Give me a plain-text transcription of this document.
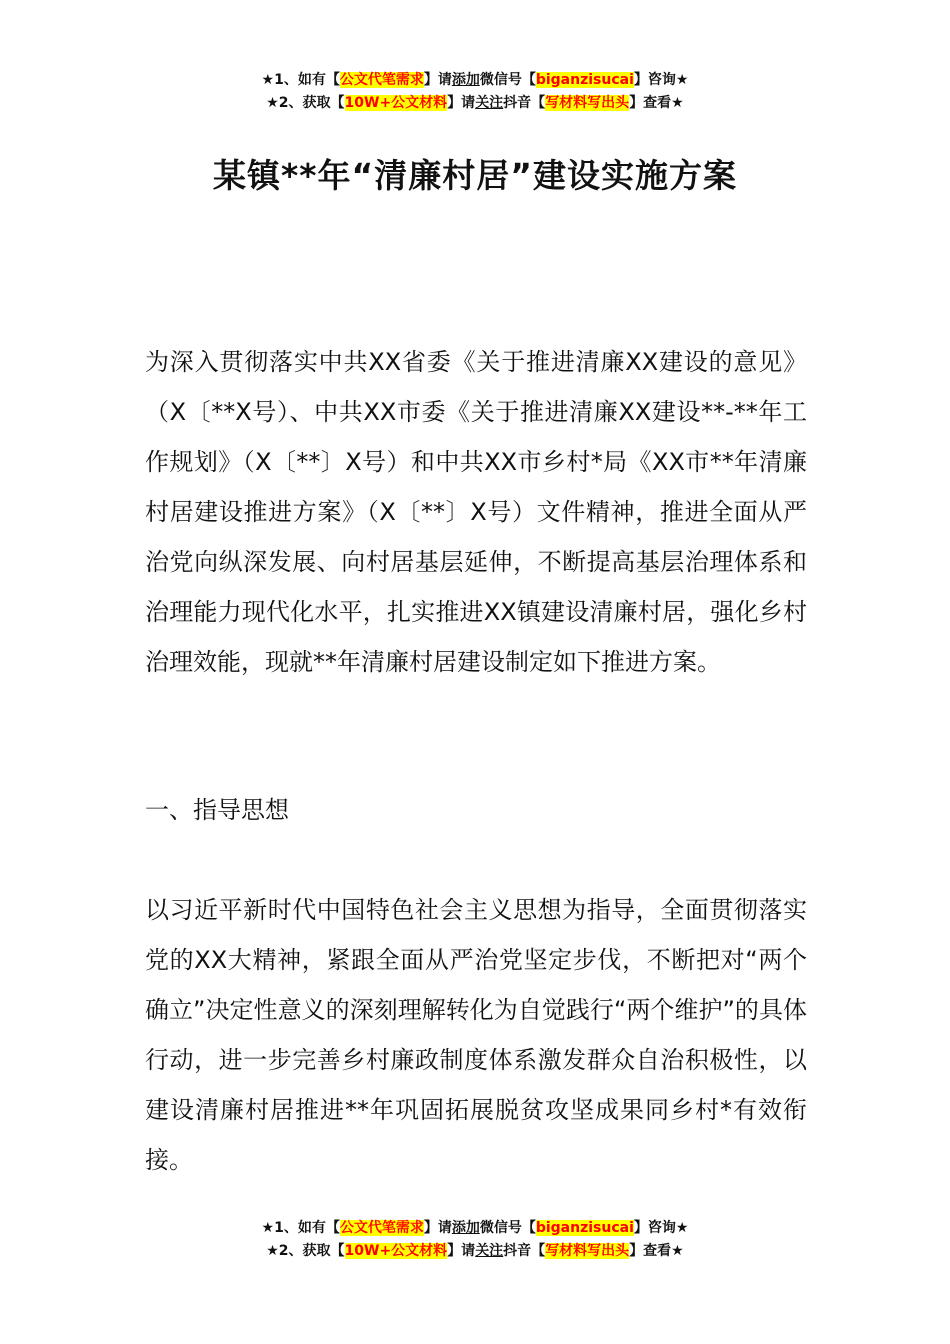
★1、如有【公文代笔需求】请添加微信号【biganzisucai】咨询★
★2、获取【10W+公文材料】请关注抖音【写材料写出头】查看★
某镇**年“清廉村居”建设实施方案

为深入贯彻落实中共XX省委《关于推进清廉XX建设的意见》（X〔**X号）、中共XX市委《关于推进清廉XX建设**-**年工作规划》（X〔**〕X号）和中共XX市乡村*局《XX市**年清廉村居建设推进方案》（X〔**〕X号）文件精神，推进全面从严治党向纵深发展、向村居基层延伸，不断提高基层治理体系和治理能力现代化水平，扎实推进XX镇建设清廉村居，强化乡村治理效能，现就**年清廉村居建设制定如下推进方案。

一、指导思想

以习近平新时代中国特色社会主义思想为指导，全面贯彻落实党的XX大精神，紧跟全面从严治党坚定步伐，不断把对“两个确立”决定性意义的深刻理解转化为自觉践行“两个维护”的具体行动，进一步完善乡村廉政制度体系激发群众自治积极性，以建设清廉村居推进**年巩固拓展脱贫攻坚成果同乡村*有效衔接。

★1、如有【公文代笔需求】请添加微信号【biganzisucai】咨询★
★2、获取【10W+公文材料】请关注抖音【写材料写出头】查看★
